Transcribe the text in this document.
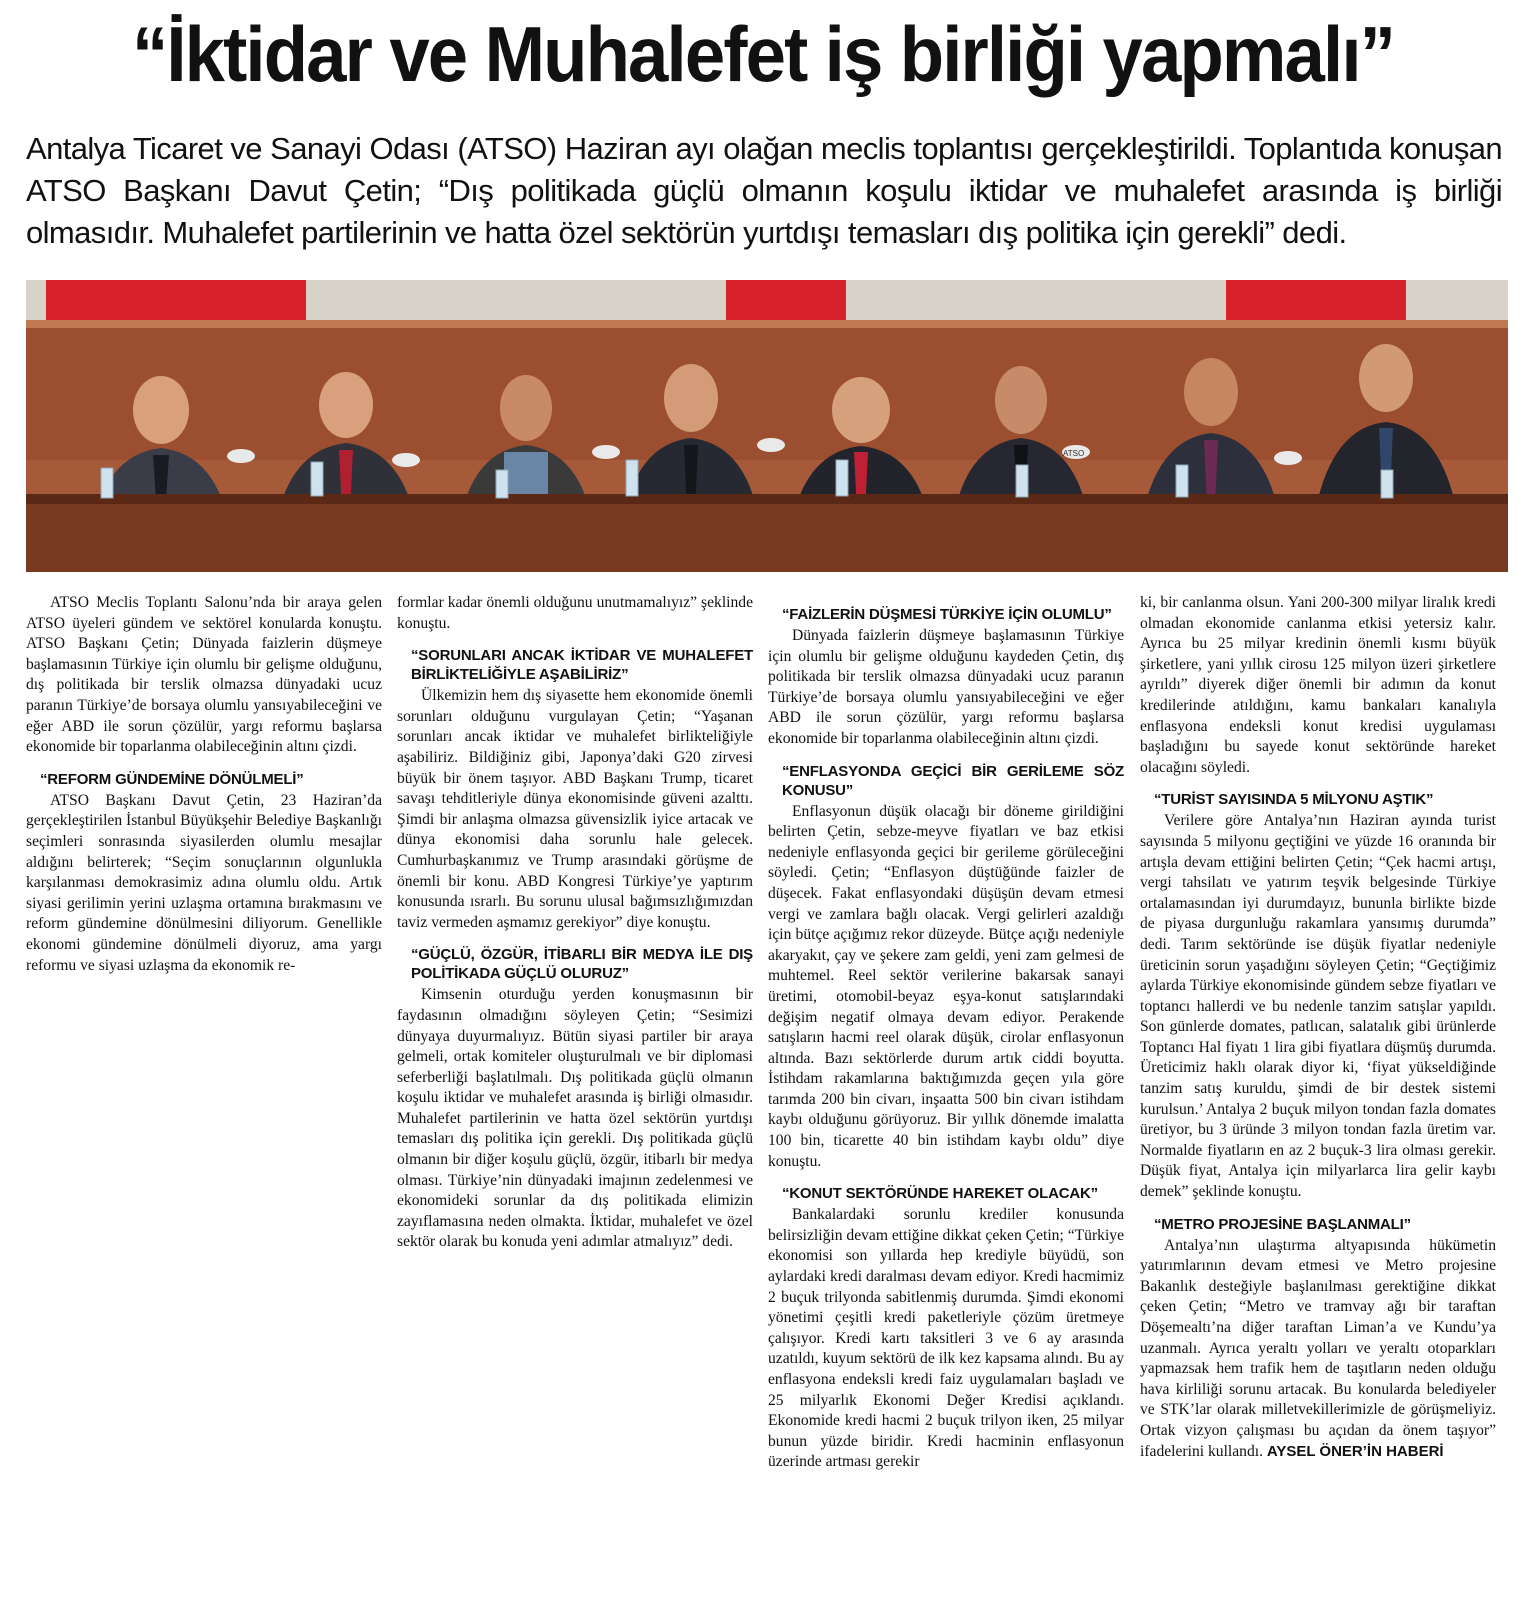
“İktidar ve Muhalefet iş birliği yapmalı”

Antalya Ticaret ve Sanayi Odası (ATSO) Haziran ayı olağan meclis toplantısı gerçekleştirildi. Toplantıda konuşan ATSO Başkanı Davut Çetin; “Dış politikada güçlü olmanın koşulu iktidar ve muhalefet arasında iş birliği olmasıdır. Muhalefet partilerinin ve hatta özel sektörün yurtdışı temasları dış politika için gerekli” dedi.

ATSO

ATSO Meclis Toplantı Salonu’nda bir araya gelen ATSO üyeleri gündem ve sektörel konularda konuştu. ATSO Başkanı Çetin; Dünyada faizlerin düşmeye başlamasının Türkiye için olumlu bir gelişme olduğunu, dış politikada bir terslik olmazsa dünyadaki ucuz paranın Türkiye’de borsaya olumlu yansıyabileceğini ve eğer ABD ile sorun çözülür, yargı reformu başlarsa ekonomide bir toparlanma olabileceğinin altını çizdi.

“REFORM GÜNDEMİNE DÖNÜLMELİ”

ATSO Başkanı Davut Çetin, 23 Haziran’da gerçekleştirilen İstanbul Büyükşehir Belediye Başkanlığı seçimleri sonrasında siyasilerden olumlu mesajlar aldığını belirterek; “Seçim sonuçlarının olgunlukla karşılanması demokrasimiz adına olumlu oldu. Artık siyasi gerilimin yerini uzlaşma ortamına bırakmasını ve reform gündemine dönülmesini diliyorum. Genellikle ekonomi gündemine dönülmeli diyoruz, ama yargı reformu ve siyasi uzlaşma da ekonomik re-

formlar kadar önemli olduğunu unutmamalıyız” şeklinde konuştu.

“SORUNLARI ANCAK İKTİDAR VE MUHALEFET BİRLİKTELİĞİYLE AŞABİLİRİZ”

Ülkemizin hem dış siyasette hem ekonomide önemli sorunları olduğunu vurgulayan Çetin; “Yaşanan sorunları ancak iktidar ve muhalefet birlikteliğiyle aşabiliriz. Bildiğiniz gibi, Japonya’daki G20 zirvesi büyük bir önem taşıyor. ABD Başkanı Trump, ticaret savaşı tehditleriyle dünya ekonomisinde güveni azalttı. Şimdi bir anlaşma olmazsa güvensizlik iyice artacak ve dünya ekonomisi daha sorunlu hale gelecek. Cumhurbaşkanımız ve Trump arasındaki görüşme de önemli bir konu. ABD Kongresi Türkiye’ye yaptırım konusunda ısrarlı. Bu sorunu ulusal bağımsızlığımızdan taviz vermeden aşmamız gerekiyor” diye konuştu.

“GÜÇLÜ, ÖZGÜR, İTİBARLI BİR MEDYA İLE DIŞ POLİTİKADA GÜÇLÜ OLURUZ”

Kimsenin oturduğu yerden konuşmasının bir faydasının olmadığını söyleyen Çetin; “Sesimizi dünyaya duyurmalıyız. Bütün siyasi partiler bir araya gelmeli, ortak komiteler oluşturulmalı ve bir diplomasi seferberliği başlatılmalı. Dış politikada güçlü olmanın koşulu iktidar ve muhalefet arasında iş birliği olmasıdır. Muhalefet partilerinin ve hatta özel sektörün yurtdışı temasları dış politika için gerekli. Dış politikada güçlü olmanın bir diğer koşulu güçlü, özgür, itibarlı bir medya olması. Türkiye’nin dünyadaki imajının zedelenmesi ve ekonomideki sorunlar da dış politikada elimizin zayıflamasına neden olmakta. İktidar, muhalefet ve özel sektör olarak bu konuda yeni adımlar atmalıyız” dedi.

“FAİZLERİN DÜŞMESİ TÜRKİYE İÇİN OLUMLU”

Dünyada faizlerin düşmeye başlamasının Türkiye için olumlu bir gelişme olduğunu kaydeden Çetin, dış politikada bir terslik olmazsa dünyadaki ucuz paranın Türkiye’de borsaya olumlu yansıyabileceğini ve eğer ABD ile sorun çözülür, yargı reformu başlarsa ekonomide bir toparlanma olabileceğinin altını çizdi.

“ENFLASYONDA GEÇİCİ BİR GERİLEME SÖZ KONUSU”

Enflasyonun düşük olacağı bir döneme girildiğini belirten Çetin, sebze-meyve fiyatları ve baz etkisi nedeniyle enflasyonda geçici bir gerileme görüleceğini söyledi. Çetin; “Enflasyon düştüğünde faizler de düşecek. Fakat enflasyondaki düşüşün devam etmesi vergi ve zamlara bağlı olacak. Vergi gelirleri azaldığı için bütçe açığımız rekor düzeyde. Bütçe açığı nedeniyle akaryakıt, çay ve şekere zam geldi, yeni zam gelmesi de muhtemel. Reel sektör verilerine bakarsak sanayi üretimi, otomobil-beyaz eşya-konut satışlarındaki değişim negatif olmaya devam ediyor. Perakende satışların hacmi reel olarak düşük, cirolar enflasyonun altında. Bazı sektörlerde durum artık ciddi boyutta. İstihdam rakamlarına baktığımızda geçen yıla göre tarımda 200 bin civarı, inşaatta 500 bin civarı istihdam kaybı olduğunu görüyoruz. Bir yıllık dönemde imalatta 100 bin, ticarette 40 bin istihdam kaybı oldu” diye konuştu.

“KONUT SEKTÖRÜNDE HAREKET OLACAK”

Bankalardaki sorunlu krediler konusunda belirsizliğin devam ettiğine dikkat çeken Çetin; “Türkiye ekonomisi son yıllarda hep krediyle büyüdü, son aylardaki kredi daralması devam ediyor. Kredi hacmimiz 2 buçuk trilyonda sabitlenmiş durumda. Şimdi ekonomi yönetimi çeşitli kredi paketleriyle çözüm üretmeye çalışıyor. Kredi kartı taksitleri 3 ve 6 ay arasında uzatıldı, kuyum sektörü de ilk kez kapsama alındı. Bu ay enflasyona endeksli kredi faiz uygulamaları başladı ve 25 milyarlık Ekonomi Değer Kredisi açıklandı. Ekonomide kredi hacmi 2 buçuk trilyon iken, 25 milyar bunun yüzde biridir. Kredi hacminin enflasyonun üzerinde artması gerekir

ki, bir canlanma olsun. Yani 200-300 milyar liralık kredi olmadan ekonomide canlanma etkisi yetersiz kalır. Ayrıca bu 25 milyar kredinin önemli kısmı büyük şirketlere, yani yıllık cirosu 125 milyon üzeri şirketlere ayrıldı” diyerek diğer önemli bir adımın da konut kredilerinde atıldığını, kamu bankaları kanalıyla enflasyona endeksli konut kredisi uygulaması başladığını bu sayede konut sektöründe hareket olacağını söyledi.

“TURİST SAYISINDA 5 MİLYONU AŞTIK”

Verilere göre Antalya’nın Haziran ayında turist sayısında 5 milyonu geçtiğini ve yüzde 16 oranında bir artışla devam ettiğini belirten Çetin; “Çek hacmi artışı, vergi tahsilatı ve yatırım teşvik belgesinde Türkiye ortalamasından iyi durumdayız, bununla birlikte bizde de piyasa durgunluğu rakamlara yansımış durumda” dedi. Tarım sektöründe ise düşük fiyatlar nedeniyle üreticinin sorun yaşadığını söyleyen Çetin; “Geçtiğimiz aylarda Türkiye ekonomisinde gündem sebze fiyatları ve toptancı hallerdi ve bu nedenle tanzim satışlar yapıldı. Son günlerde domates, patlıcan, salatalık gibi ürünlerde Toptancı Hal fiyatı 1 lira gibi fiyatlara düşmüş durumda. Üreticimiz haklı olarak diyor ki, ‘fiyat yükseldiğinde tanzim satış kuruldu, şimdi de bir destek sistemi kurulsun.’ Antalya 2 buçuk milyon tondan fazla domates üretiyor, bu 3 üründe 3 milyon tondan fazla üretim var. Normalde fiyatların en az 2 buçuk-3 lira olması gerekir. Düşük fiyat, Antalya için milyarlarca lira gelir kaybı demek” şeklinde konuştu.

“METRO PROJESİNE BAŞLANMALI”

Antalya’nın ulaştırma altyapısında hükümetin yatırımlarının devam etmesi ve Metro projesine Bakanlık desteğiyle başlanılması gerektiğine dikkat çeken Çetin; “Metro ve tramvay ağı bir taraftan Döşemealtı’na diğer taraftan Liman’a ve Kundu’ya uzanmalı. Ayrıca yeraltı yolları ve yeraltı otoparkları yapmazsak hem trafik hem de taşıtların neden olduğu hava kirliliği sorunu artacak. Bu konularda belediyeler ve STK’lar olarak milletvekillerimizle de görüşmeliyiz. Ortak vizyon çalışması bu açıdan da önem taşıyor” ifadelerini kullandı. AYSEL ÖNER’İN HABERİ
